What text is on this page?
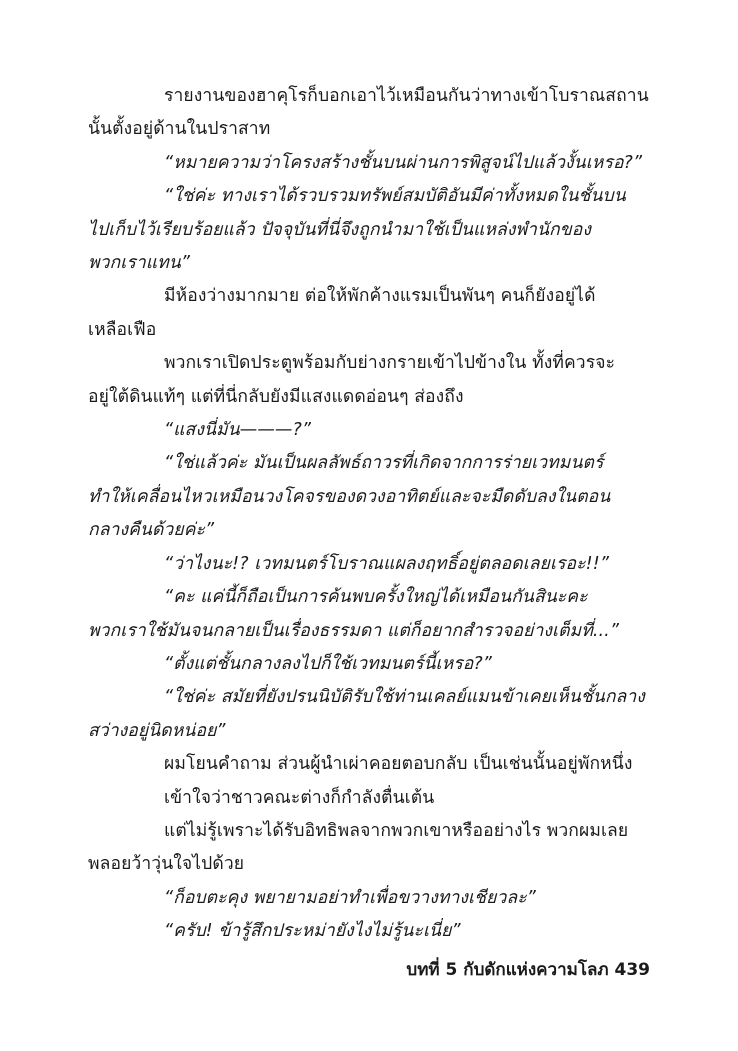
รายงานของฮาคุโรก็บอกเอาไว้เหมือนกันว่าทางเข้าโบราณสถาน
นั้นตั้งอยู่ด้านในปราสาท

“หมายความว่าโครงสร้างชั้นบนผ่านการพิสูจน์ไปแล้วงั้นเหรอ?”

“ใช่ค่ะ ทางเราได้รวบรวมทรัพย์สมบัติอันมีค่าทั้งหมดในชั้นบน
ไปเก็บไว้เรียบร้อยแล้ว ปัจจุบันที่นี่จึงถูกนำมาใช้เป็นแหล่งพำนักของ
พวกเราแทน”

มีห้องว่างมากมาย ต่อให้พักค้างแรมเป็นพันๆ คนก็ยังอยู่ได้
เหลือเฟือ

พวกเราเปิดประตูพร้อมกับย่างกรายเข้าไปข้างใน ทั้งที่ควรจะ
อยู่ใต้ดินแท้ๆ แต่ที่นี่กลับยังมีแสงแดดอ่อนๆ ส่องถึง

“แสงนี่มัน———?”

“ใช่แล้วค่ะ มันเป็นผลลัพธ์ถาวรที่เกิดจากการร่ายเวทมนตร์
ทำให้เคลื่อนไหวเหมือนวงโคจรของดวงอาทิตย์และจะมืดดับลงในตอน
กลางคืนด้วยค่ะ”

“ว่าไงนะ!? เวทมนตร์โบราณแผลงฤทธิ์อยู่ตลอดเลยเรอะ!!”

“คะ แค่นี้ก็ถือเป็นการค้นพบครั้งใหญ่ได้เหมือนกันสินะคะ
พวกเราใช้มันจนกลายเป็นเรื่องธรรมดา แต่ก็อยากสำรวจอย่างเต็มที่...”

“ตั้งแต่ชั้นกลางลงไปก็ใช้เวทมนตร์นี้เหรอ?”

“ใช่ค่ะ สมัยที่ยังปรนนิบัติรับใช้ท่านเคลย์แมนข้าเคยเห็นชั้นกลาง
สว่างอยู่นิดหน่อย”

ผมโยนคำถาม ส่วนผู้นำเผ่าคอยตอบกลับ เป็นเช่นนั้นอยู่พักหนึ่ง

เข้าใจว่าชาวคณะต่างก็กำลังตื่นเต้น

แต่ไม่รู้เพราะได้รับอิทธิพลจากพวกเขาหรืออย่างไร พวกผมเลย
พลอยว้าวุ่นใจไปด้วย

“ก็อบตะคุง พยายามอย่าทำเพื่อขวางทางเชียวละ”

“ครับ! ข้ารู้สึกประหม่ายังไงไม่รู้นะเนี่ย”

บทที่ 5 กับดักแห่งความโลภ 439
